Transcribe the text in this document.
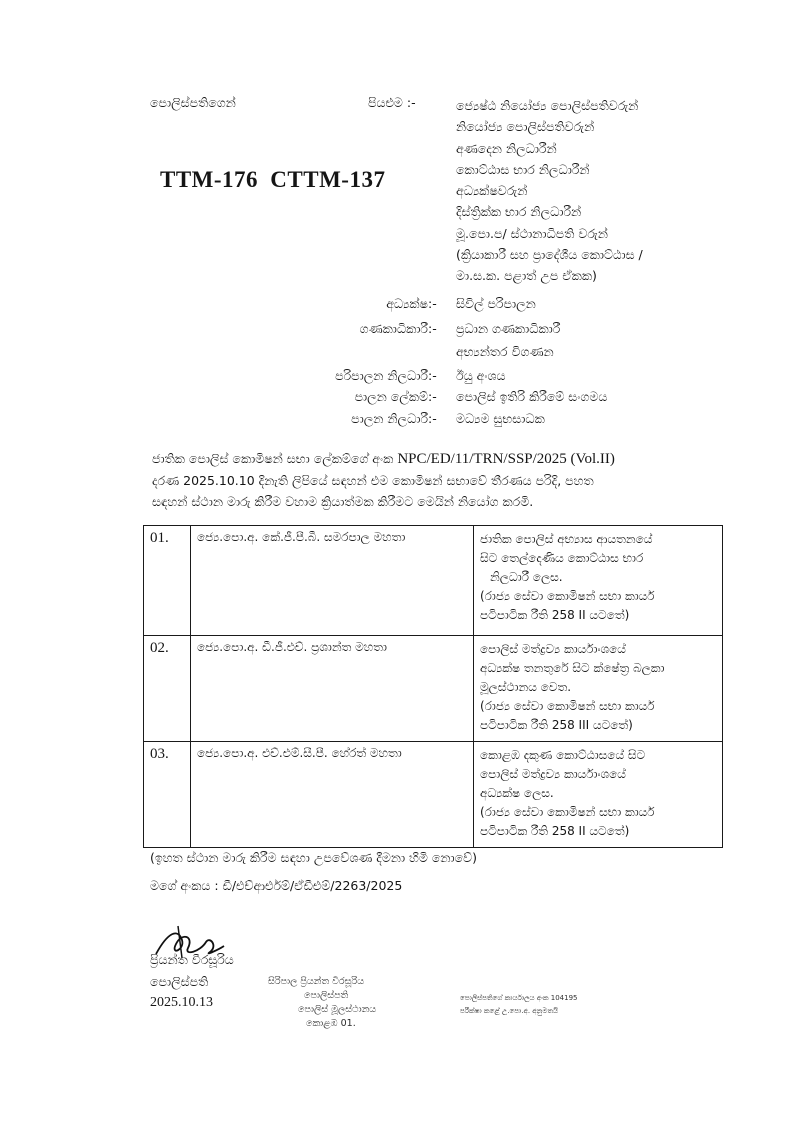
පොලිස්පතිගෙන්	පියළුම :-	ජ්‍යෙෂ්ඨ නියෝජ්‍ය පොලිස්පතිවරුන්
නියෝජ්‍ය පොලිස්පතිවරුන්
අණදෙන නිලධාරීන්
කොට්ඨාස භාර නිලධාරීන්
අධ්‍යක්ෂවරුන්
දිස්ත්‍රික්ක භාර නිලධාරීන්
මූ.පො.ප/ ස්ථානාධිපති වරුන්
(ක්‍රියාකාරී සහ ප්‍රාදේශීය කොට්ඨාස /
මා.ස.ක. පළාත් උප ඒකක)
TTM-176 CTTM-137
අධ්‍යක්ෂ :- සිවිල් පරිපාලන
ගණකාධිකාරී :- ප්‍රධාන ගණකාධිකාරී
අභ්‍යන්තර විගණන
පරිපාලන නිලධාරී :- ඊයු අංශය
පාලන ලේකම් :- පොලිස් ඉතිරි කිරීමේ සංගමය
පාලන නිලධාරී :- මධ්‍යම සුභසාධක
ජාතික පොලිස් කොමිෂන් සභා ලේකම්ගේ අංක NPC/ED/11/TRN/SSP/2025 (Vol.II)
දරණ 2025.10.10 දිනැති ලිපියේ සඳහන් එම කොමිෂන් සභාවේ තීරණය පරිදි, පහත
සඳහන් ස්ථාන මාරු කිරීම වහාම ක්‍රියාත්මක කිරීමට මෙයින් නියෝග කරමි.
01.	ජ්‍යෙ.පො.අ. කේ.ජී.පී.බී. සමරපාල මහතා	ජාතික පොලිස් අභ්‍යාස ආයතනයේ
සිට තෙල්දෙණිය කොට්ඨාස භාර
නිලධාරී ලෙස.
(රාජ්‍ය සේවා කොමිෂන් සභා කාර්ය
පටිපාටික රීති 258 II යටතේ)

02.	ජ්‍යෙ.පො.අ. ඩී.ජී.එච්. ප්‍රශාන්ත මහතා	පොලිස් මත්ද්‍රව්‍ය කාර්යාංශයේ
අධ්‍යක්ෂ තනතුරේ සිට ක්ෂේත්‍ර බලකා
මූලස්ථානය වෙත.
(රාජ්‍ය සේවා කොමිෂන් සභා කාර්ය
පටිපාටික රීති 258 III යටතේ)

03.	ජ්‍යෙ.පො.අ. එච්.එම්.සී.පී. හේරත් මහතා	කොළඹ දකුණ කොට්ඨාසයේ සිට
පොලිස් මත්ද්‍රව්‍ය කාර්යාංශයේ
අධ්‍යක්ෂ ලෙස.
(රාජ්‍ය සේවා කොමිෂන් සභා කාර්ය
පටිපාටික රීති 258 II යටතේ)
(ඉහත ස්ථාන මාරු කිරීම සඳහා උපවේශණ දීමනා හිමි නොවේ)
මගේ අංකය : ඩී/එච්ආර්එම්/ඒඩීඑම්/2263/2025
ප්‍රියන්ත වීරසූරිය
පොලිස්පති
2025.10.13
සිරිපාල ප්‍රියන්ත වීරසූරිය
පොලිස්පති
පොලිස් මූලස්ථානය
කොළඹ 01.
පොලිස්පතිගේ කාර්යාලය අංක 104195
පරීක්ෂා කළේ උ.පො.අ. අනුමතයි
